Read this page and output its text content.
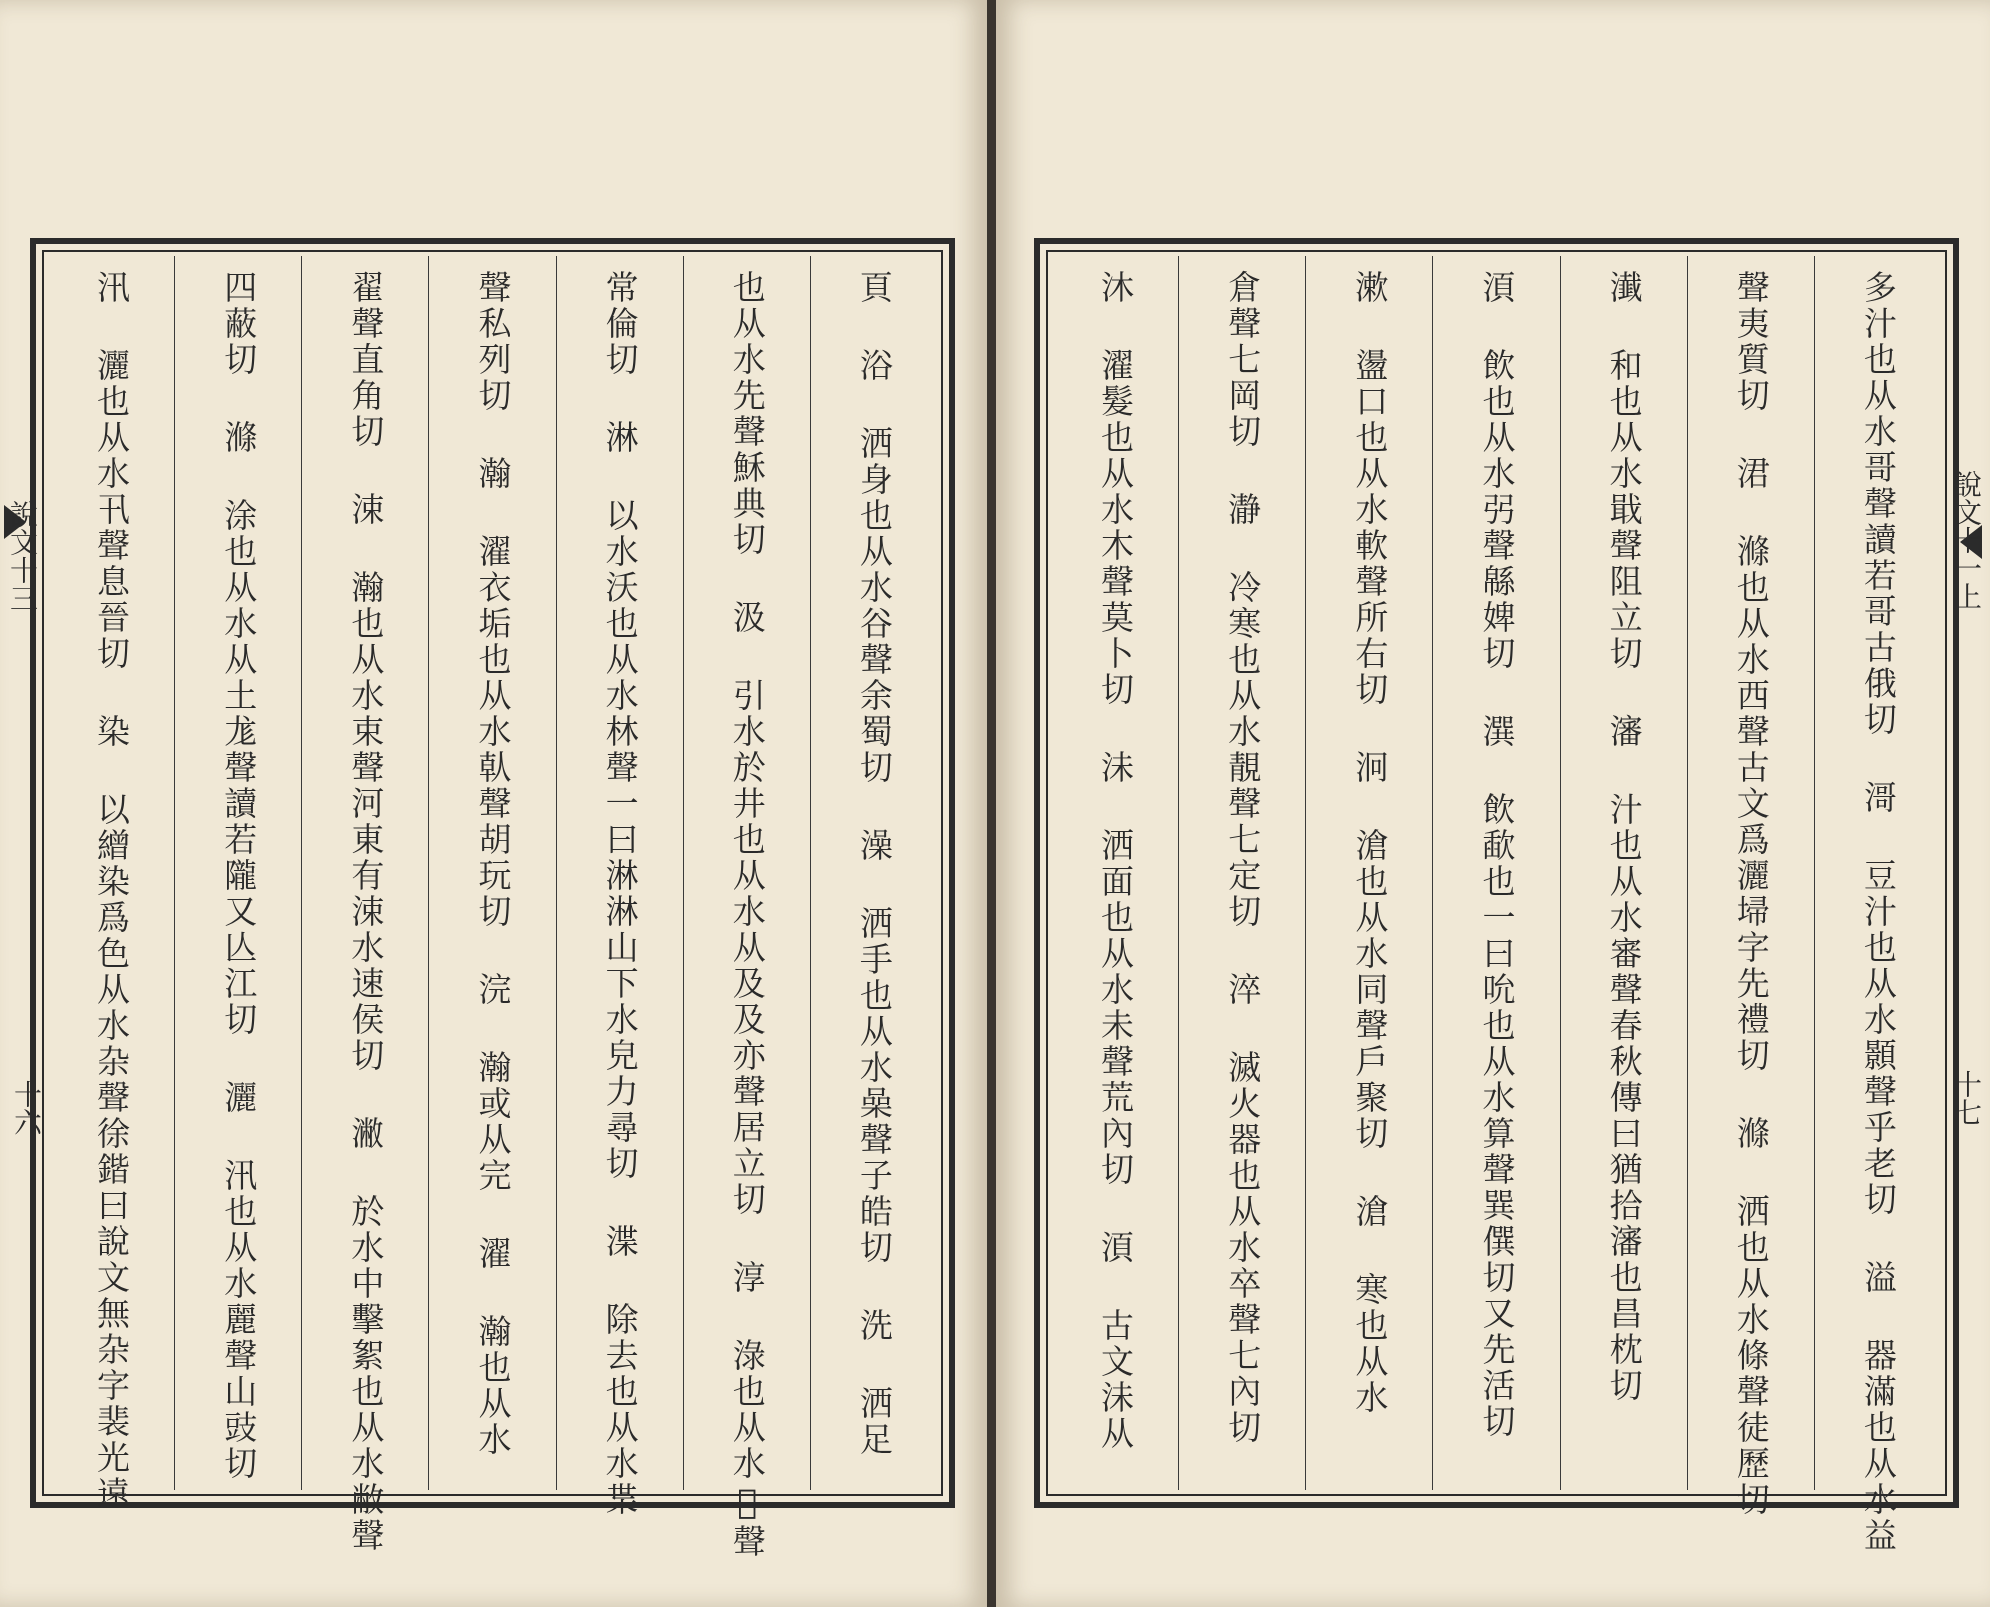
說文十三
十六	頁 浴 洒身也从水谷聲余蜀切 澡 洒手也从水喿聲子皓切 洗 洒足
也从水先聲穌典切 汲 引水於井也从水从及及亦聲居立切 淳 淥也从水𦎫聲
常倫切 淋 以水沃也从水林聲一曰淋淋山下水皃力尋切 渫 除去也从水枼
聲私列切 瀚 濯衣垢也从水倝聲胡玩切 浣 瀚或从完 濯 瀚也从水
翟聲直角切 涑 瀚也从水束聲河東有涑水速侯切 潎 於水中擊絮也从水敝聲
四蔽切 滌 涂也从水从土尨聲讀若隴又亾江切 灑 汛也从水麗聲山豉切
汛 灑也从水卂聲息晉切 染 以繒染爲色从水杂聲徐鍇曰說文無杂字裴光遠	說文十一上
十七
多汁也从水哥聲讀若哥古俄切 滒 豆汁也从水顥聲乎老切 溢 器滿也从水益
聲夷質切 涒 滌也从水西聲古文爲灑埽字先禮切 滌 洒也从水條聲徒歷切
瀐 和也从水戢聲阻立切 瀋 汁也从水審聲春秋傳曰猶拾瀋也昌枕切
湏 飲也从水弜聲緜婢切 潠 飲歃也一曰吮也从水算聲巽僎切又先活切
漱 盪口也从水軟聲所右切 泂 滄也从水同聲戶聚切 滄 寒也从水
倉聲七岡切 瀞 冷寒也从水靚聲七定切 淬 滅火器也从水卒聲七內切
沐 濯髮也从水木聲莫卜切 沬 洒面也从水未聲荒內切 湏 古文沬从
